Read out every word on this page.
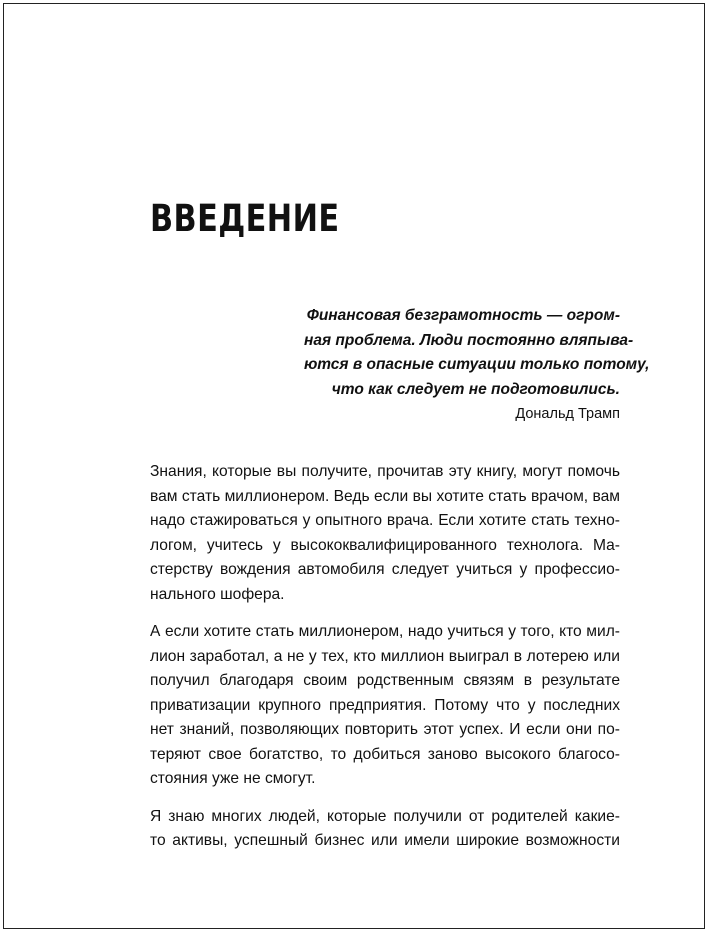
ВВЕДЕНИЕ

Финансовая безграмотность — огром-
ная проблема. Люди постоянно вляпыва-
ются в опасные ситуации только потому,
что как следует не подготовились.

Дональд Трамп

Знания, которые вы получите, прочитав эту книгу, могут помочь
вам стать миллионером. Ведь если вы хотите стать врачом, вам
надо стажироваться у опытного врача. Если хотите стать техно-
логом, учитесь у высококвалифицированного технолога. Ма-
стерству вождения автомобиля следует учиться у профессио-
нального шофера.

А если хотите стать миллионером, надо учиться у того, кто мил-
лион заработал, а не у тех, кто миллион выиграл в лотерею или
получил благодаря своим родственным связям в результате
приватизации крупного предприятия. Потому что у последних
нет знаний, позволяющих повторить этот успех. И если они по-
теряют свое богатство, то добиться заново высокого благосо-
стояния уже не смогут.

Я знаю многих людей, которые получили от родителей какие-
то активы, успешный бизнес или имели широкие возможности
